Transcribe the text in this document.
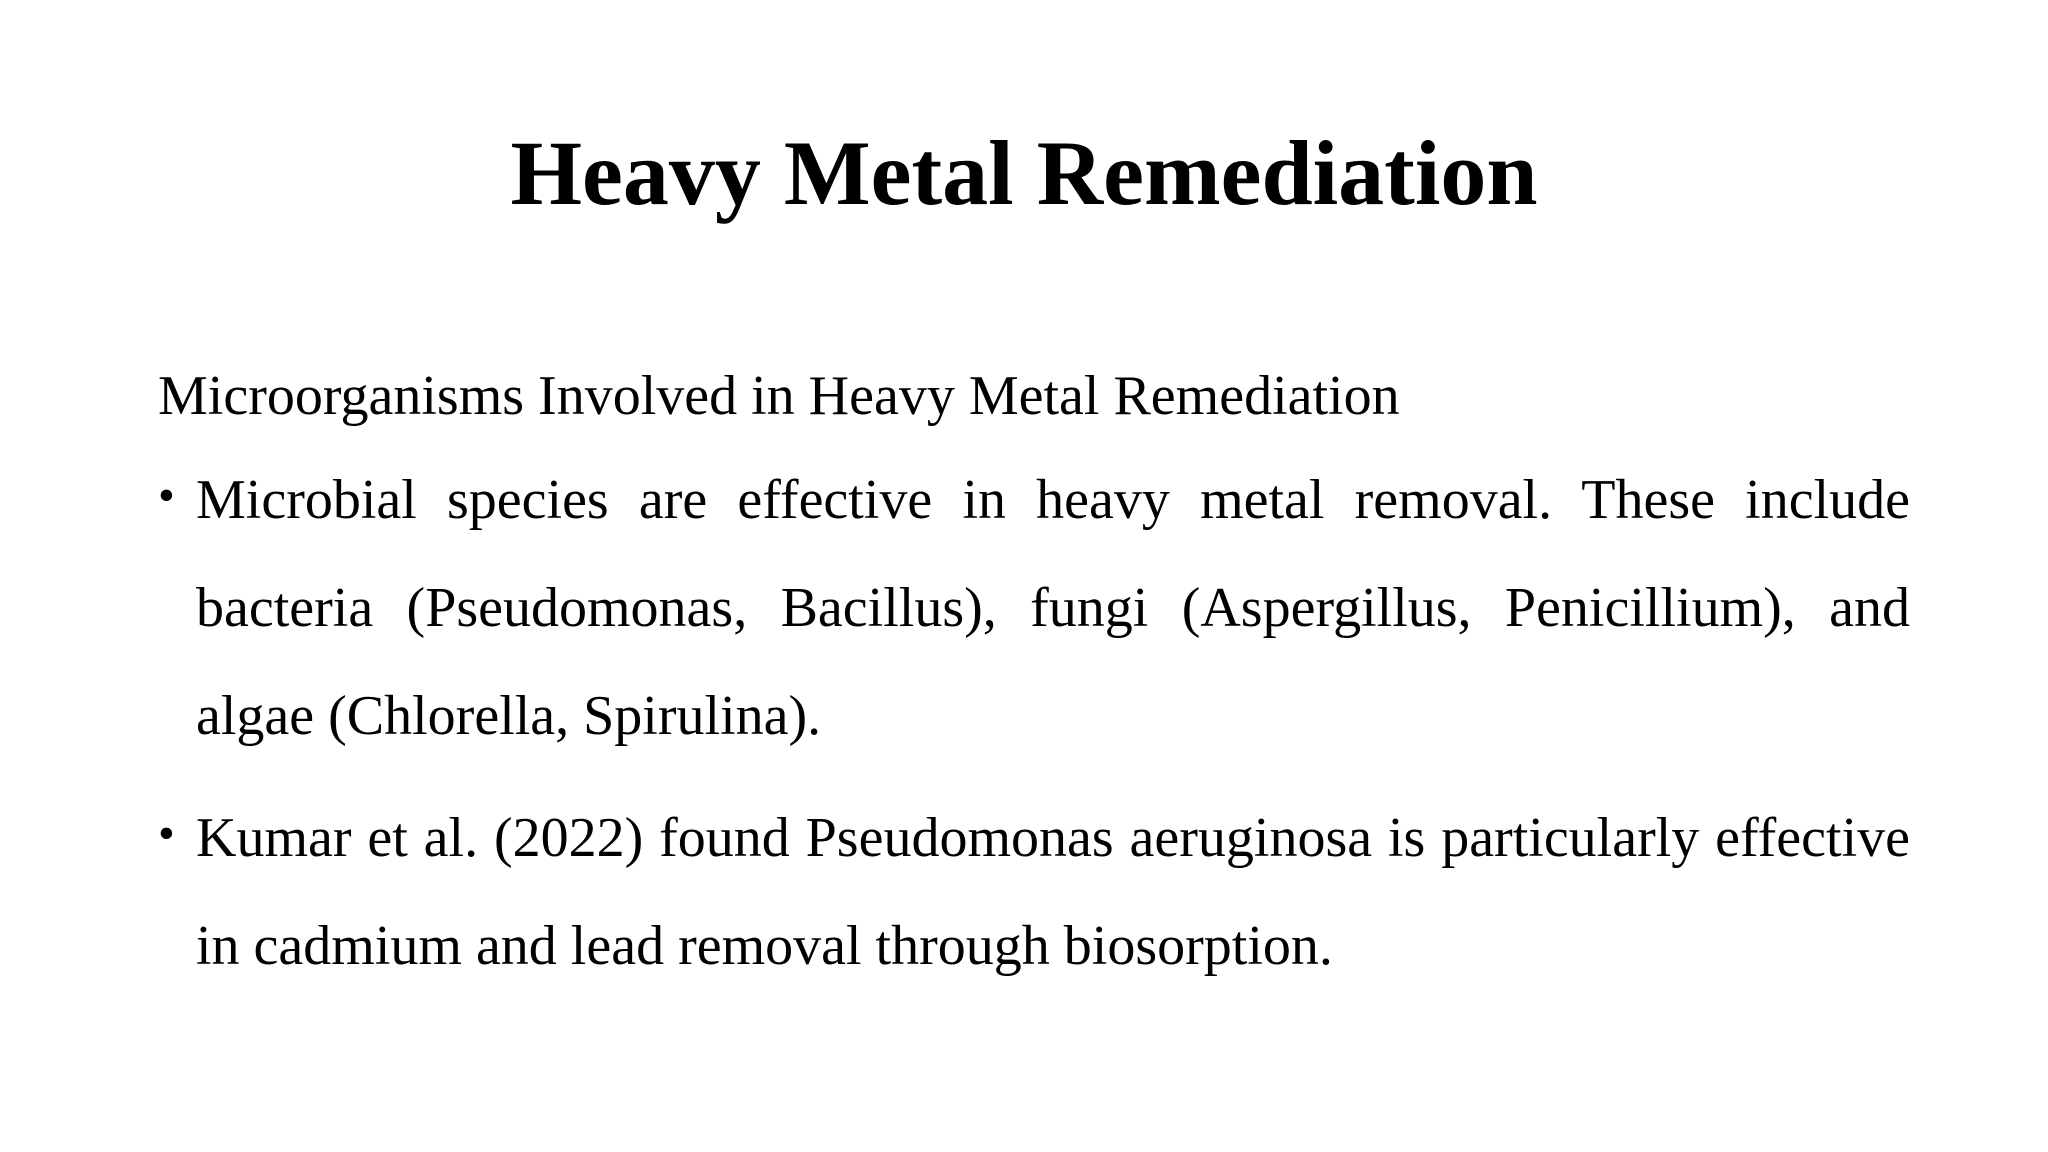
Heavy Metal Remediation

Microorganisms Involved in Heavy Metal Remediation

• Microbial species are effective in heavy metal removal. These include bacteria (Pseudomonas, Bacillus), fungi (Aspergillus, Penicillium), and algae (Chlorella, Spirulina).
• Kumar et al. (2022) found Pseudomonas aeruginosa is particularly effective in cadmium and lead removal through biosorption.
